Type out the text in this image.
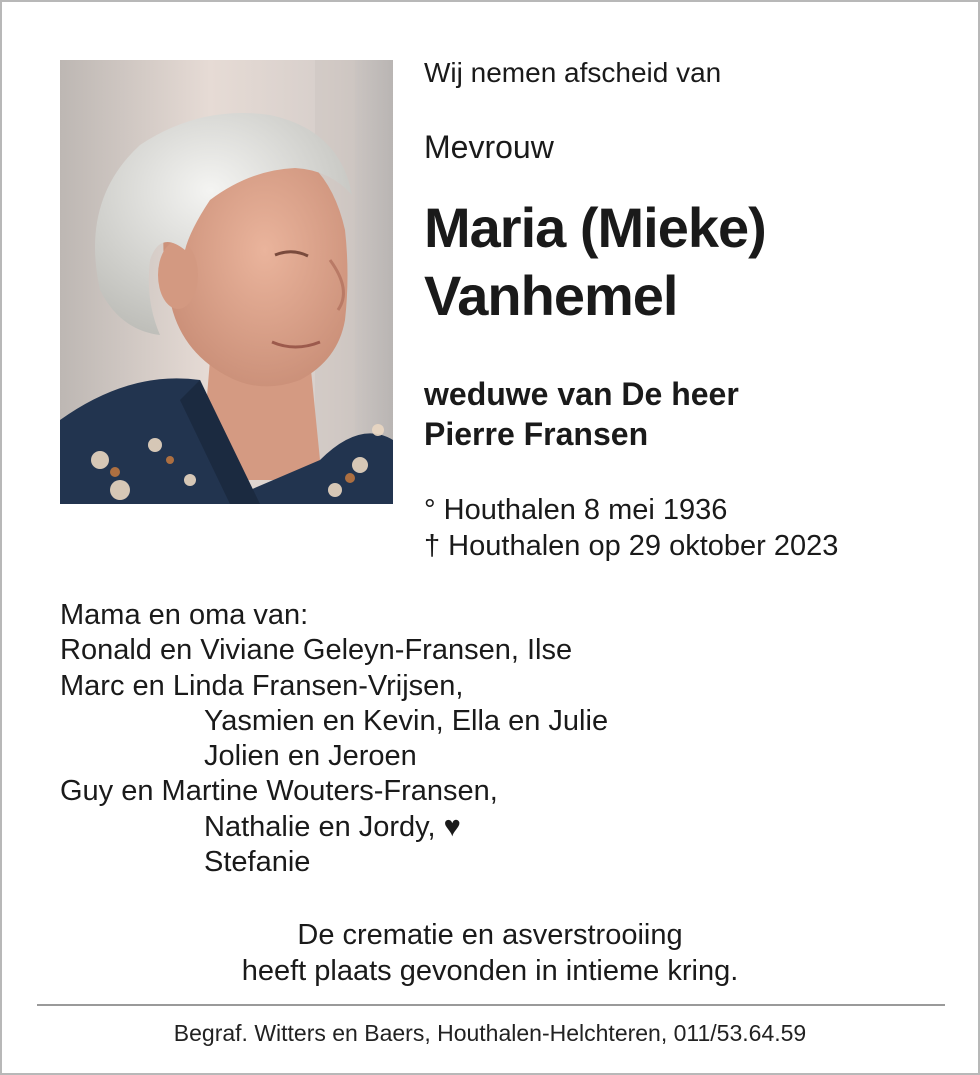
Wij nemen afscheid van
Mevrouw
Maria (Mieke)
Vanhemel
weduwe van De heer
Pierre Fransen
° Houthalen 8 mei 1936
† Houthalen op 29 oktober 2023
Mama en oma van:
Ronald en Viviane Geleyn-Fransen, Ilse
Marc en Linda Fransen-Vrijsen,
Yasmien en Kevin, Ella en Julie
Jolien en Jeroen
Guy en Martine Wouters-Fransen,
Nathalie en Jordy, ♥
Stefanie
De crematie en asverstrooiing
heeft plaats gevonden in intieme kring.
Begraf. Witters en Baers, Houthalen-Helchteren, 011/53.64.59
